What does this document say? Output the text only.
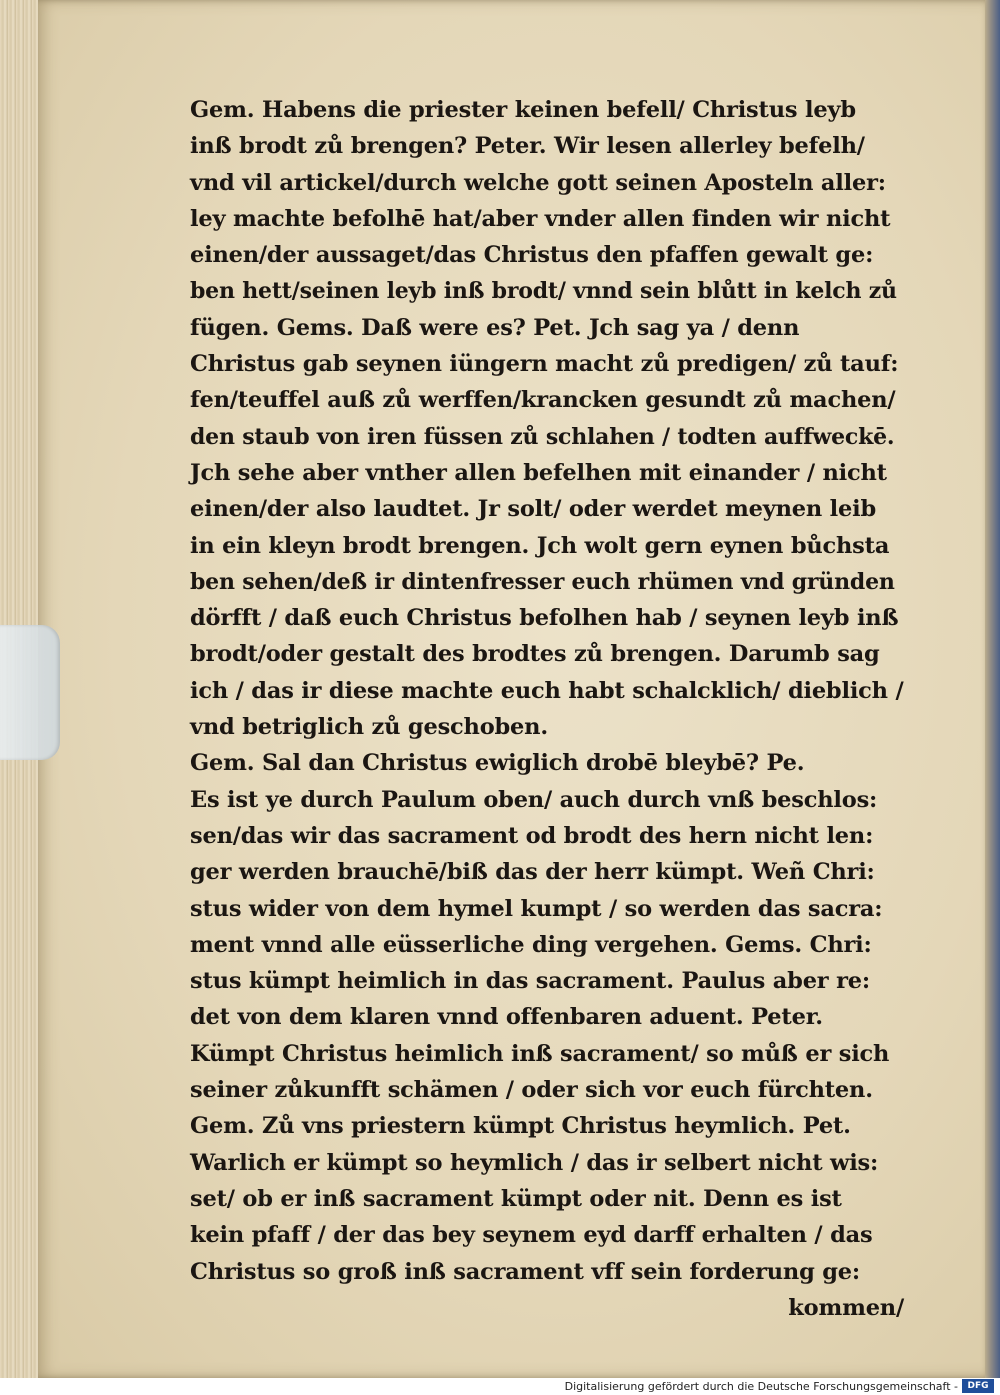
Gem. Habens die priester keinen befell/ Christus leyb
inß brodt zů brengen? Peter. Wir lesen allerley befelh/
vnd vil artickel/durch welche gott seinen Aposteln aller:
ley machte befolhē hat/aber vnder allen finden wir nicht
einen/der aussaget/das Christus den pfaffen gewalt ge:
ben hett/seinen leyb inß brodt/ vnnd sein blůtt in kelch zů
fügen. Gems. Daß were es? Pet. Jch sag ya / denn
Christus gab seynen iüngern macht zů predigen/ zů tauf:
fen/teuffel auß zů werffen/krancken gesundt zů machen/
den staub von iren füssen zů schlahen / todten auffweckē.
Jch sehe aber vnther allen befelhen mit einander / nicht
einen/der also laudtet. Jr solt/ oder werdet meynen leib
in ein kleyn brodt brengen. Jch wolt gern eynen bůchsta
ben sehen/deß ir dintenfresser euch rhümen vnd gründen
dörfft / daß euch Christus befolhen hab / seynen leyb inß
brodt/oder gestalt des brodtes zů brengen. Darumb sag
ich / das ir diese machte euch habt schalcklich/ dieblich /
vnd betriglich zů geschoben.
Gem. Sal dan Christus ewiglich drobē bleybē? Pe.
Es ist ye durch Paulum oben/ auch durch vnß beschlos:
sen/das wir das sacrament od brodt des hern nicht len:
ger werden brauchē/biß das der herr kümpt. Weñ Chri:
stus wider von dem hymel kumpt / so werden das sacra:
ment vnnd alle eüsserliche ding vergehen. Gems. Chri:
stus kümpt heimlich in das sacrament. Paulus aber re:
det von dem klaren vnnd offenbaren aduent. Peter.
Kümpt Christus heimlich inß sacrament/ so můß er sich
seiner zůkunfft schämen / oder sich vor euch fürchten.
Gem. Zů vns priestern kümpt Christus heymlich. Pet.
Warlich er kümpt so heymlich / das ir selbert nicht wis:
set/ ob er inß sacrament kümpt oder nit. Denn es ist
kein pfaff / der das bey seynem eyd darff erhalten / das
Christus so groß inß sacrament vff sein forderung ge:
kommen/
Digitalisierung gefördert durch die Deutsche Forschungsgemeinschaft -	DFG
